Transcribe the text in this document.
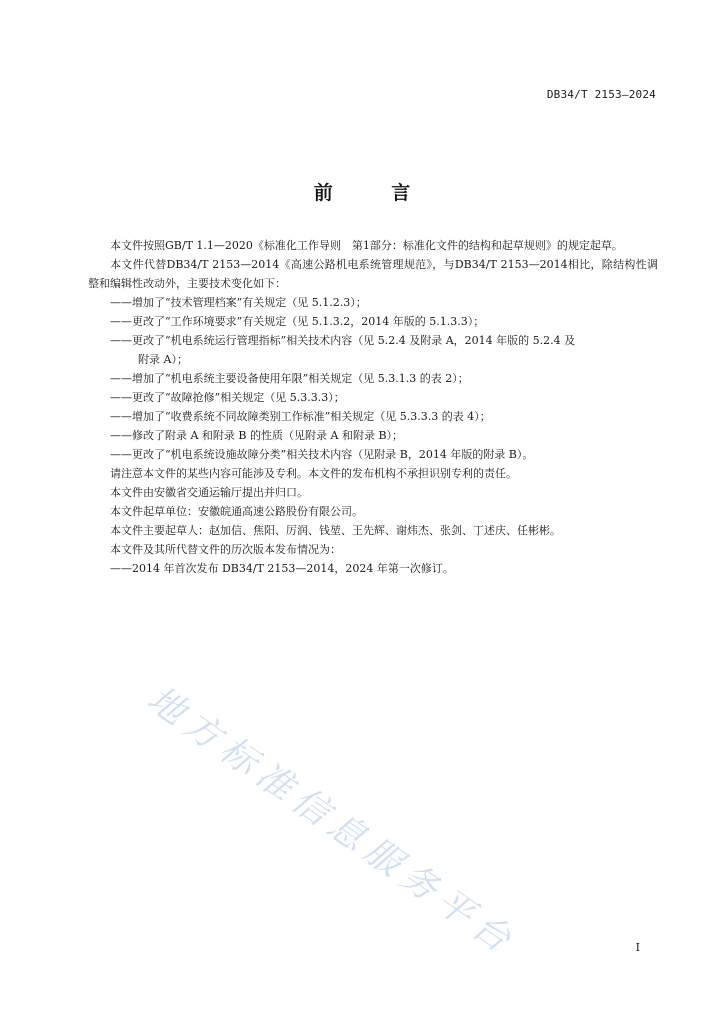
DB34/T 2153—2024
前 言

本文件按照GB/T 1.1—2020《标准化工作导则　第1部分：标准化文件的结构和起草规则》的规定起草。

本文件代替DB34/T 2153—2014《高速公路机电系统管理规范》，与DB34/T 2153—2014相比，除结构性调整和编辑性改动外，主要技术变化如下：

——增加了“技术管理档案”有关规定（见 5.1.2.3）；

——更改了“工作环境要求”有关规定（见 5.1.3.2，2014 年版的 5.1.3.3）；

——更改了“机电系统运行管理指标”相关技术内容（见 5.2.4 及附录 A，2014 年版的 5.2.4 及

附录 A）；

——增加了“机电系统主要设备使用年限”相关规定（见 5.3.1.3 的表 2）；

——更改了“故障抢修”相关规定（见 5.3.3.3）；

——增加了“收费系统不同故障类别工作标准”相关规定（见 5.3.3.3 的表 4）；

——修改了附录 A 和附录 B 的性质（见附录 A 和附录 B）；

——更改了“机电系统设施故障分类”相关技术内容（见附录 B，2014 年版的附录 B）。

请注意本文件的某些内容可能涉及专利。本文件的发布机构不承担识别专利的责任。

本文件由安徽省交通运输厅提出并归口。

本文件起草单位：安徽皖通高速公路股份有限公司。

本文件主要起草人：赵加信、焦阳、厉润、钱堃、王先辉、谢炜杰、张剑、丁述庆、任彬彬。

本文件及其所代替文件的历次版本发布情况为：

——2014 年首次发布 DB34/T 2153—2014，2024 年第一次修订。

地方标准信息服务平台	I
